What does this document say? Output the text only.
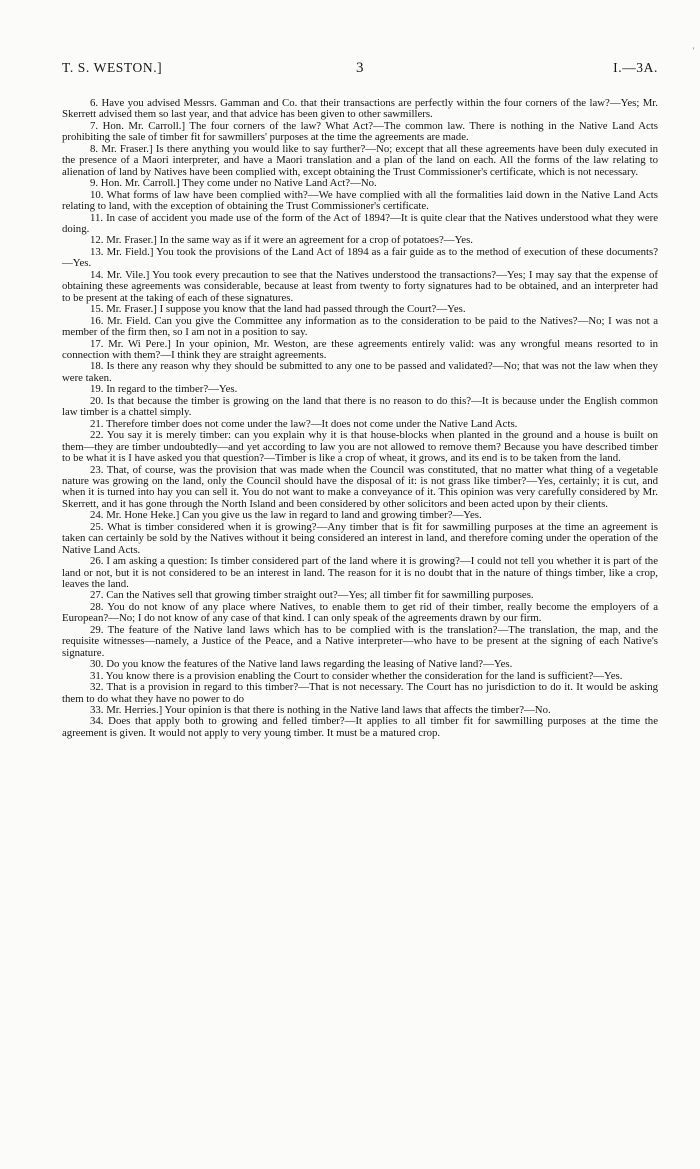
T. S. WESTON.]	3	I.—3A.
'

6. Have you advised Messrs. Gamman and Co. that their transactions are perfectly within the four corners of the law?—Yes; Mr. Skerrett advised them so last year, and that advice has been given to other sawmillers.

7. Hon. Mr. Carroll.] The four corners of the law? What Act?—The common law. There is nothing in the Native Land Acts prohibiting the sale of timber fit for sawmillers' purposes at the time the agreements are made.

8. Mr. Fraser.] Is there anything you would like to say further?—No; except that all these agreements have been duly executed in the presence of a Maori interpreter, and have a Maori translation and a plan of the land on each. All the forms of the law relating to alienation of land by Natives have been complied with, except obtaining the Trust Commissioner's certificate, which is not necessary.

9. Hon. Mr. Carroll.] They come under no Native Land Act?—No.

10. What forms of law have been complied with?—We have complied with all the formalities laid down in the Native Land Acts relating to land, with the exception of obtaining the Trust Commissioner's certificate.

11. In case of accident you made use of the form of the Act of 1894?—It is quite clear that the Natives understood what they were doing.

12. Mr. Fraser.] In the same way as if it were an agreement for a crop of potatoes?—Yes.

13. Mr. Field.] You took the provisions of the Land Act of 1894 as a fair guide as to the method of execution of these documents?—Yes.

14. Mr. Vile.] You took every precaution to see that the Natives understood the transactions?—Yes; I may say that the expense of obtaining these agreements was considerable, because at least from twenty to forty signatures had to be obtained, and an interpreter had to be present at the taking of each of these signatures.

15. Mr. Fraser.] I suppose you know that the land had passed through the Court?—Yes.

16. Mr. Field. Can you give the Committee any information as to the consideration to be paid to the Natives?—No; I was not a member of the firm then, so I am not in a position to say.

17. Mr. Wi Pere.] In your opinion, Mr. Weston, are these agreements entirely valid: was any wrongful means resorted to in connection with them?—I think they are straight agreements.

18. Is there any reason why they should be submitted to any one to be passed and validated?—No; that was not the law when they were taken.

19. In regard to the timber?—Yes.

20. Is that because the timber is growing on the land that there is no reason to do this?—It is because under the English common law timber is a chattel simply.

21. Therefore timber does not come under the law?—It does not come under the Native Land Acts.

22. You say it is merely timber: can you explain why it is that house-blocks when planted in the ground and a house is built on them—they are timber undoubtedly—and yet according to law you are not allowed to remove them? Because you have described timber to be what it is I have asked you that question?—Timber is like a crop of wheat, it grows, and its end is to be taken from the land.

23. That, of course, was the provision that was made when the Council was constituted, that no matter what thing of a vegetable nature was growing on the land, only the Council should have the disposal of it: is not grass like timber?—Yes, certainly; it is cut, and when it is turned into hay you can sell it. You do not want to make a conveyance of it. This opinion was very carefully considered by Mr. Skerrett, and it has gone through the North Island and been considered by other solicitors and been acted upon by their clients.

24. Mr. Hone Heke.] Can you give us the law in regard to land and growing timber?—Yes.

25. What is timber considered when it is growing?—Any timber that is fit for sawmilling purposes at the time an agreement is taken can certainly be sold by the Natives without it being considered an interest in land, and therefore coming under the operation of the Native Land Acts.

26. I am asking a question: Is timber considered part of the land where it is growing?—I could not tell you whether it is part of the land or not, but it is not considered to be an interest in land. The reason for it is no doubt that in the nature of things timber, like a crop, leaves the land.

27. Can the Natives sell that growing timber straight out?—Yes; all timber fit for sawmilling purposes.

28. You do not know of any place where Natives, to enable them to get rid of their timber, really become the employers of a European?—No; I do not know of any case of that kind. I can only speak of the agreements drawn by our firm.

29. The feature of the Native land laws which has to be complied with is the translation?—The translation, the map, and the requisite witnesses—namely, a Justice of the Peace, and a Native interpreter—who have to be present at the signing of each Native's signature.

30. Do you know the features of the Native land laws regarding the leasing of Native land?—Yes.

31. You know there is a provision enabling the Court to consider whether the consideration for the land is sufficient?—Yes.

32. That is a provision in regard to this timber?—That is not necessary. The Court has no jurisdiction to do it. It would be asking them to do what they have no power to do

33. Mr. Herries.] Your opinion is that there is nothing in the Native land laws that affects the timber?—No.

34. Does that apply both to growing and felled timber?—It applies to all timber fit for sawmilling purposes at the time the agreement is given. It would not apply to very young timber. It must be a matured crop.
